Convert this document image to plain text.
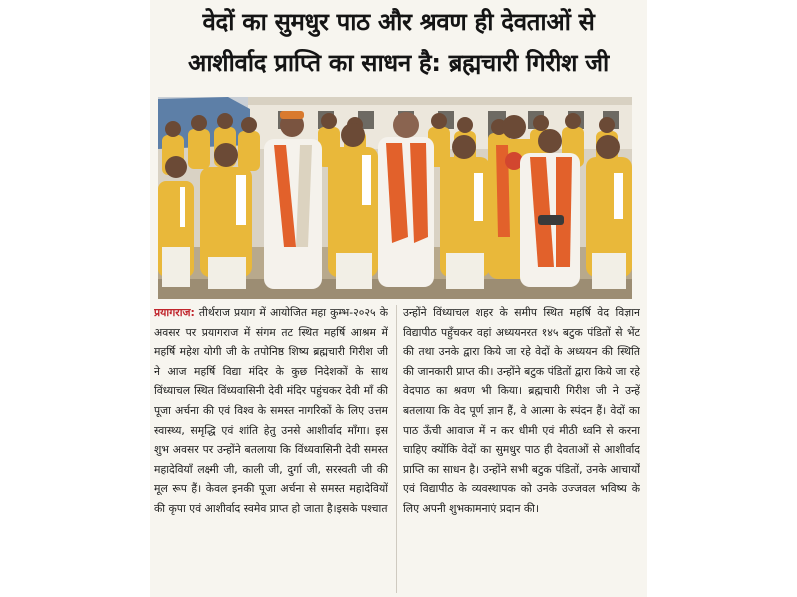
वेदों का सुमधुर पाठ और श्रवण ही देवताओं से
आशीर्वाद प्राप्ति का साधन है: ब्रह्मचारी गिरीश जी
प्रयागराज: तीर्थराज प्रयाग में आयोजित महा कुम्भ-२०२५ के अवसर पर प्रयागराज में संगम तट स्थित महर्षि आश्रम में महर्षि महेश योगी जी के तपोनिष्ठ शिष्य ब्रह्मचारी गिरीश जी ने आज महर्षि विद्या मंदिर के कुछ निदेशकों के साथ विंध्याचल स्थित विंध्यवासिनी देवी मंदिर पहुंचकर देवी माँ की पूजा अर्चना की एवं विश्व के समस्त नागरिकों के लिए उत्तम स्वास्थ्य, समृद्धि एवं शांति हेतु उनसे आशीर्वाद माँगा। इस शुभ अवसर पर उन्होंने बतलाया कि विंध्यवासिनी देवी समस्त महादेवियाँ लक्ष्मी जी, काली जी, दुर्गा जी, सरस्वती जी की मूल रूप हैं। केवल इनकी पूजा अर्चना से समस्त महादेवियों की कृपा एवं आशीर्वाद स्वमेव प्राप्त हो जाता है।इसके पश्चात
उन्होंने विंध्याचल शहर के समीप स्थित महर्षि वेद विज्ञान विद्यापीठ पहुँचकर वहां अध्ययनरत १४५ बटुक पंडितों से भेंट की तथा उनके द्वारा किये जा रहे वेदों के अध्ययन की स्थिति की जानकारी प्राप्त की। उन्होंने बटुक पंडितों द्वारा किये जा रहे वेदपाठ का श्रवण भी किया। ब्रह्मचारी गिरीश जी ने उन्हें बतलाया कि वेद पूर्ण ज्ञान हैं, वे आत्मा के स्पंदन हैं। वेदों का पाठ ऊँची आवाज में न कर धीमी एवं मीठी ध्वनि से करना चाहिए क्योंकि वेदों का सुमधुर पाठ ही देवताओं से आशीर्वाद प्राप्ति का साधन है। उन्होंने सभी बटुक पंडितों, उनके आचार्यों एवं विद्यापीठ के व्यवस्थापक को उनके उज्जवल भविष्य के लिए अपनी शुभकामनाएं प्रदान की।
